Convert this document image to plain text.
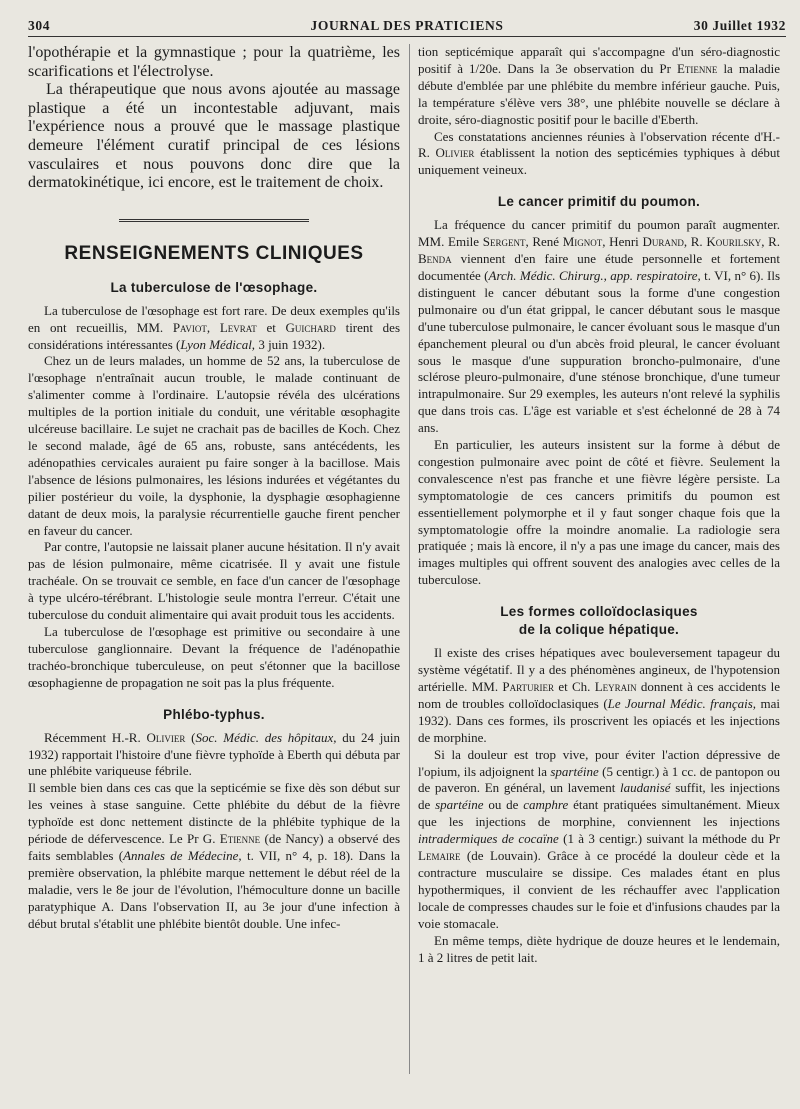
304	JOURNAL DES PRATICIENS	30 Juillet 1932

l'opothérapie et la gymnastique ; pour la quatrième, les scarifications et l'électrolyse.

La thérapeutique que nous avons ajoutée au massage plastique a été un incontestable adjuvant, mais l'expérience nous a prouvé que le massage plastique demeure l'élément curatif principal de ces lésions vasculaires et nous pouvons donc dire que la dermatokinétique, ici encore, est le traitement de choix.

RENSEIGNEMENTS CLINIQUES
La tuberculose de l'œsophage.

La tuberculose de l'œsophage est fort rare. De deux exemples qu'ils en ont recueillis, MM. Paviot, Levrat et Guichard tirent des considérations intéressantes (Lyon Médical, 3 juin 1932).

Chez un de leurs malades, un homme de 52 ans, la tuberculose de l'œsophage n'entraînait aucun trouble, le malade continuant de s'alimenter comme à l'ordinaire. L'autopsie révéla des ulcérations multiples de la portion initiale du conduit, une véritable œsophagite ulcéreuse bacillaire. Le sujet ne crachait pas de bacilles de Koch. Chez le second malade, âgé de 65 ans, robuste, sans antécédents, les adénopathies cervicales auraient pu faire songer à la bacillose. Mais l'absence de lésions pulmonaires, les lésions indurées et végétantes du pilier postérieur du voile, la dysphonie, la dysphagie œsophagienne datant de deux mois, la paralysie récurrentielle gauche firent pencher en faveur du cancer.

Par contre, l'autopsie ne laissait planer aucune hésitation. Il n'y avait pas de lésion pulmonaire, même cicatrisée. Il y avait une fistule trachéale. On se trouvait ce semble, en face d'un cancer de l'œsophage à type ulcéro-térébrant. L'histologie seule montra l'erreur. C'était une tuberculose du conduit alimentaire qui avait produit tous les accidents.

La tuberculose de l'œsophage est primitive ou secondaire à une tuberculose ganglionnaire. Devant la fréquence de l'adénopathie trachéo-bronchique tuberculeuse, on peut s'étonner que la bacillose œsophagienne de propagation ne soit pas la plus fréquente.

Phlébo-typhus.

Récemment H.-R. Olivier (Soc. Médic. des hôpitaux, du 24 juin 1932) rapportait l'histoire d'une fièvre typhoïde à Eberth qui débuta par une phlébite variqueuse fébrile.

Il semble bien dans ces cas que la septicémie se fixe dès son début sur les veines à stase sanguine. Cette phlébite du début de la fièvre typhoïde est donc nettement distincte de la phlébite typhique de la période de défervescence. Le Pr G. Etienne (de Nancy) a observé des faits semblables (Annales de Médecine, t. VII, n° 4, p. 18). Dans la première observation, la phlébite marque nettement le début réel de la maladie, vers le 8e jour de l'évolution, l'hémoculture donne un bacille paratyphique A. Dans l'observation II, au 3e jour d'une infection à début brutal s'établit une phlébite bientôt double. Une infec-

tion septicémique apparaît qui s'accompagne d'un séro-diagnostic positif à 1/20e. Dans la 3e observation du Pr Etienne la maladie débute d'emblée par une phlébite du membre inférieur gauche. Puis, la température s'élève vers 38°, une phlébite nouvelle se déclare à droite, séro-diagnostic positif pour le bacille d'Eberth.

Ces constatations anciennes réunies à l'observation récente d'H.-R. Olivier établissent la notion des septicémies typhiques à début uniquement veineux.

Le cancer primitif du poumon.

La fréquence du cancer primitif du poumon paraît augmenter. MM. Emile Sergent, René Mignot, Henri Durand, R. Kourilsky, R. Benda viennent d'en faire une étude personnelle et fortement documentée (Arch. Médic. Chirurg., app. respiratoire, t. VI, n° 6). Ils distinguent le cancer débutant sous la forme d'une congestion pulmonaire ou d'un état grippal, le cancer débutant sous le masque d'une tuberculose pulmonaire, le cancer évoluant sous le masque d'un épanchement pleural ou d'un abcès froid pleural, le cancer évoluant sous le masque d'une suppuration broncho-pulmonaire, d'une sclérose pleuro-pulmonaire, d'une sténose bronchique, d'une tumeur intrapulmonaire. Sur 29 exemples, les auteurs n'ont relevé la syphilis que dans trois cas. L'âge est variable et s'est échelonné de 28 à 74 ans.

En particulier, les auteurs insistent sur la forme à début de congestion pulmonaire avec point de côté et fièvre. Seulement la convalescence n'est pas franche et une fièvre légère persiste. La symptomatologie de ces cancers primitifs du poumon est essentiellement polymorphe et il y faut songer chaque fois que la symptomatologie offre la moindre anomalie. La radiologie sera pratiquée ; mais là encore, il n'y a pas une image du cancer, mais des images multiples qui offrent souvent des analogies avec celles de la tuberculose.

Les formes colloïdoclasiques
de la colique hépatique.

Il existe des crises hépatiques avec bouleversement tapageur du système végétatif. Il y a des phénomènes angineux, de l'hypotension artérielle. MM. Parturier et Ch. Leyrain donnent à ces accidents le nom de troubles colloïdoclasiques (Le Journal Médic. français, mai 1932). Dans ces formes, ils proscrivent les opiacés et les injections de morphine.

Si la douleur est trop vive, pour éviter l'action dépressive de l'opium, ils adjoignent la spartéine (5 centigr.) à 1 cc. de pantopon ou de paveron. En général, un lavement laudanisé suffit, les injections de spartéine ou de camphre étant pratiquées simultanément. Mieux que les injections de morphine, conviennent les injections intradermiques de cocaïne (1 à 3 centigr.) suivant la méthode du Pr Lemaire (de Louvain). Grâce à ce procédé la douleur cède et la contracture musculaire se dissipe. Ces malades étant en plus hypothermiques, il convient de les réchauffer avec l'application locale de compresses chaudes sur le foie et d'infusions chaudes par la voie stomacale.

En même temps, diète hydrique de douze heures et le lendemain, 1 à 2 litres de petit lait.
